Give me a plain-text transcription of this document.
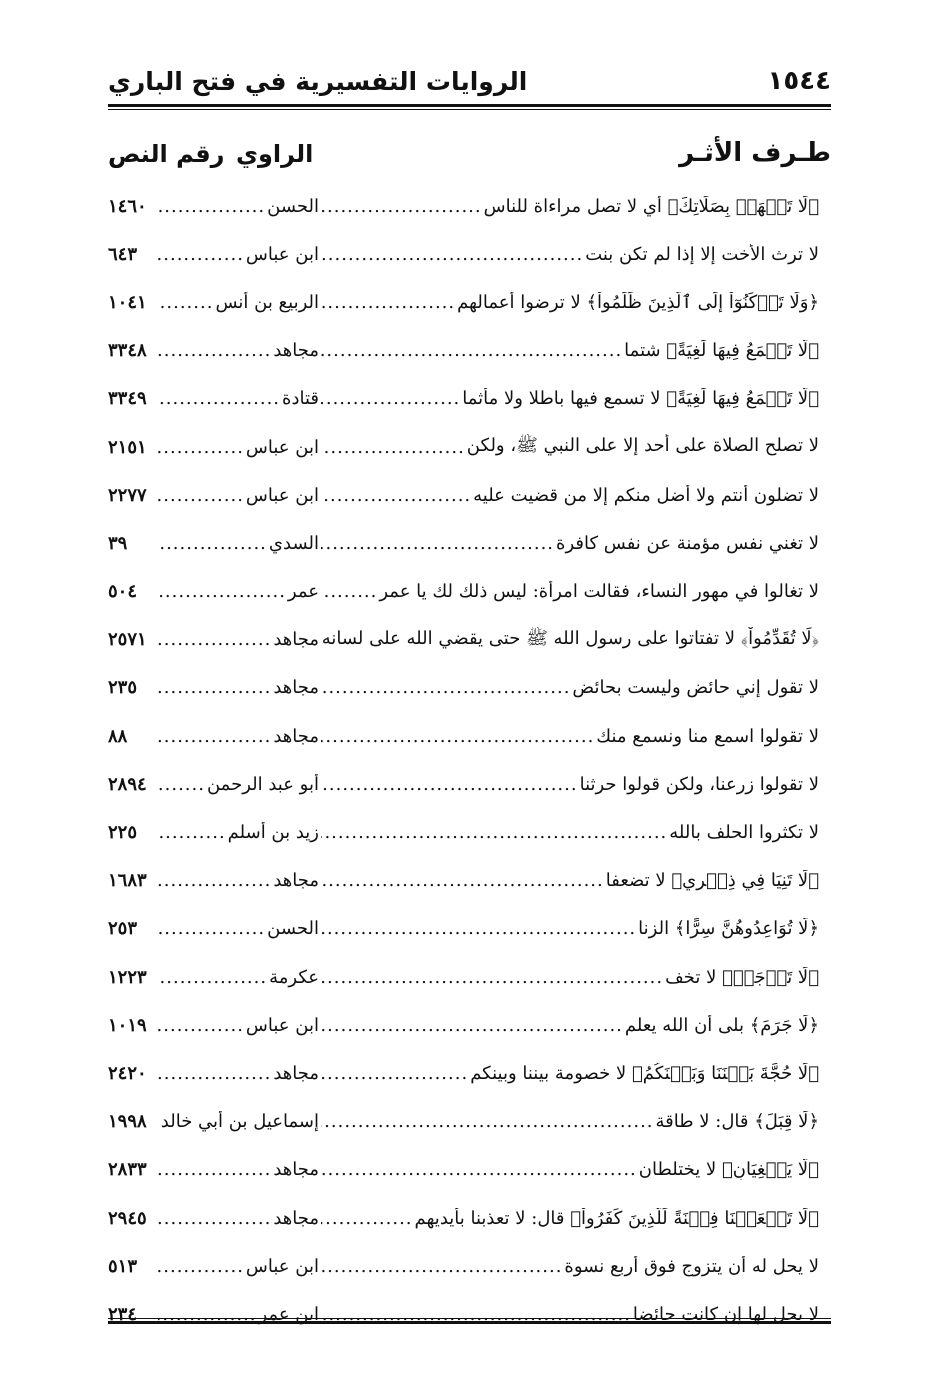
١٥٤٤
الروايات التفسيرية في فتح الباري
طـرف الأثـر
الراوي
رقم النص
﴿لَا تَجۡهَرۡ بِصَلَاتِكَ﴾ أي لا تصل مراءاة للناس
.....
الحسن
.....
١٤٦٠
لا ترث الأخت إلا إذا لم تكن بنت
.....
ابن عباس
.....
٦٤٣
﴿وَلَا تَرۡكَنُوٓاْ إِلَى ٱلَّذِينَ ظَلَمُواْ﴾ لا ترضوا أعمالهم
.....
الربيع بن أنس
.....
١٠٤١
﴿لَّا تَسۡمَعُ فِيهَا لَٰغِيَةً﴾ شتما
.....
مجاهد
.....
٣٣٤٨
﴿لَّا تَسۡمَعُ فِيهَا لَٰغِيَةً﴾ لا تسمع فيها باطلا ولا مأثما
.....
قتادة
.....
٣٣٤٩
لا تصلح الصلاة على أحد إلا على النبي ﷺ، ولكن
.....
ابن عباس
.....
٢١٥١
لا تضلون أنتم ولا أضل منكم إلا من قضيت عليه
.....
ابن عباس
.....
٢٢٧٧
لا تغني نفس مؤمنة عن نفس كافرة
.....
السدي
.....
٣٩
لا تغالوا في مهور النساء، فقالت امرأة: ليس ذلك لك يا عمر
.....
عمر
.....
٥٠٤
﴿لَا تُقَدِّمُواْ﴾ لا تفتاتوا على رسول الله ﷺ حتى يقضي الله على لسانه
مجاهد
.....
٢٥٧١
لا تقول إني حائض وليست بحائض
.....
مجاهد
.....
٢٣٥
لا تقولوا اسمع منا ونسمع منك
.....
مجاهد
.....
٨٨
لا تقولوا زرعنا، ولكن قولوا حرثنا
.....
أبو عبد الرحمن
.....
٢٨٩٤
لا تكثروا الحلف بالله
.....
زيد بن أسلم
.....
٢٢٥
﴿لَا تَنِيَا فِي ذِكۡرِي﴾ لا تضعفا
.....
مجاهد
.....
١٦٨٣
﴿لَّا تُوَاعِدُوهُنَّ سِرًّا﴾ الزنا
.....
الحسن
.....
٢٥٣
﴿لَا تَوۡجَلۡ﴾ لا تخف
.....
عكرمة
.....
١٢٢٣
﴿لَا جَرَمَ﴾ بلى أن الله يعلم
.....
ابن عباس
.....
١٠١٩
﴿لَا حُجَّةَ بَيۡنَنَا وَبَيۡنَكُمُ﴾ لا خصومة بيننا وبينكم
.....
مجاهد
.....
٢٤٢٠
﴿لَا قِبَلَ﴾ قال: لا طاقة
.....
إسماعيل بن أبي خالد
.....
١٩٩٨
﴿لَّا يَبۡغِيَانِ﴾ لا يختلطان
.....
مجاهد
.....
٢٨٣٣
﴿لَا تَجۡعَلۡنَا فِتۡنَةً لِّلَّذِينَ كَفَرُواْ﴾ قال: لا تعذبنا بأيديهم
.....
مجاهد
.....
٢٩٤٥
لا يحل له أن يتزوج فوق أربع نسوة
.....
ابن عباس
.....
٥١٣
لا يحل لها إن كانت حائضا
.....
ابن عمر
.....
٢٣٤
